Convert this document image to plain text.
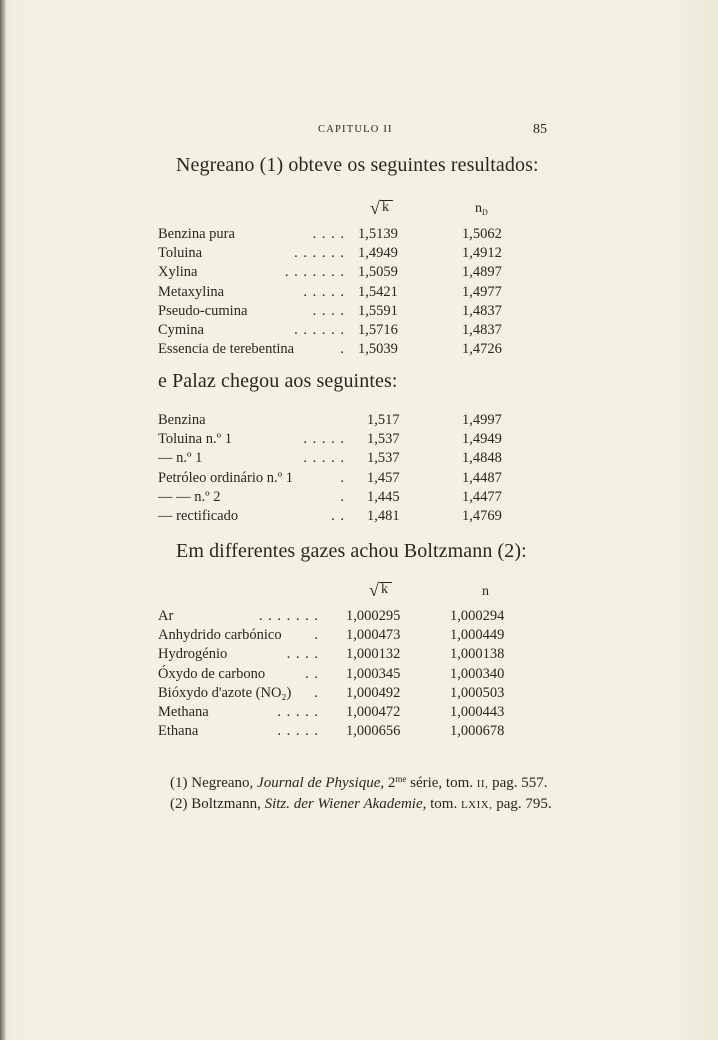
CAPITULO II	85
Negreano (1) obteve os seguintes resultados:
√ k	$n_D$
Benzina pura	. . . . 1,5139	1,5062
Toluina	. . . . . . 1,4949	1,4912
Xylina	. . . . . . . 1,5059	1,4897
Metaxylina	. . . . . 1,5421	1,4977
Pseudo-cumina	. . . . 1,5591	1,4837
Cymina	. . . . . . 1,5716	1,4837
Essencia de terebentina	. 1,5039	1,4726
e Palaz chegou aos seguintes:
Benzina	1,517	1,4997
Toluina n.º 1	. . . . . 1,537	1,4949
— n.º 1	. . . . . 1,537	1,4848
Petróleo ordinário n.º 1	. 1,457	1,4487
— — n.º 2	. 1,445	1,4477
— rectificado	. . 1,481	1,4769
Em differentes gazes achou Boltzmann (2):
√ k	n
Ar	. . . . . . . 1,000295	1,000294
Anhydrido carbónico . 1,000473	1,000449
Hydrogénio	. . . . 1,000132	1,000138
Óxydo de carbono	. . 1,000345	1,000340
Bióxydo d'azote (NO₂) . 1,000492	1,000503
Methana	. . . . . 1,000472	1,000443
Ethana	. . . . . 1,000656	1,000678
(1) Negreano, Journal de Physique, $2^{me}$ série, tom. II, pag. 557.
(2) Boltzmann, Sitz. der Wiener Akademie, tom. LXIX, pag. 795.
